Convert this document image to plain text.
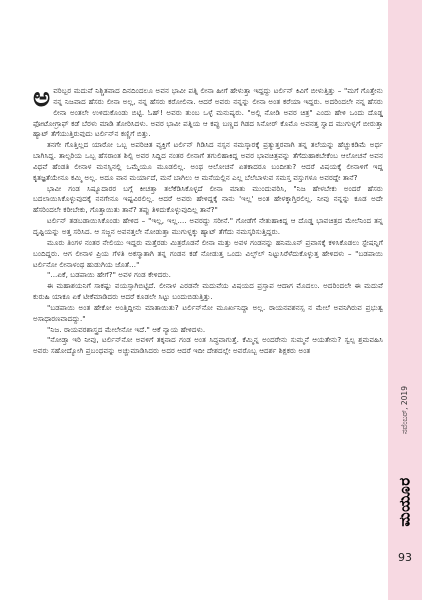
ನವೆಂಬರ್‌, 2019
ಮಯೂರ
93

ಅವರಿಬ್ಬರ ಮದುವೆ ನಿಶ್ಚಿತವಾದ ದಿನದಿಂದಲೂ ಅವನ ಭಾವೀ ಪತ್ನಿ ಲೀನಾ ಹೀಗೆ ಹೇಳುತ್ತಾ ಇದ್ದದ್ದು ಟರ್ಲಿನ್‌ ಕಿವಿಗೆ ಬೀಳುತ್ತಿತ್ತು – "ಮಗೆ ಗೊತ್ತೇನು ನನ್ನ ನಿಜವಾದ ಹೆಸರು ಲೀನಾ ಅಲ್ಲ, ನನ್ನ ಹೆಸರು ಕರೋಲಿನಾ. ಆದರೆ ಅವರು ನನ್ನನ್ನು ಲೀನಾ ಅಂತ ಕರೆಯಾ ಇದ್ದರು. ಅದರಿಂದಲೇ ನನ್ನ ಹೆಸರು ಲೀನಾ ಅಂತಲೇ ಉಳಿದುಕೊಂಡು ಬಿಟ್ಟಿ. ಓಹ್‌! ಅವರು ತುಂಬ ಒಳ್ಳೆ ಮನುಷ್ಯರು. "ಅಲ್ಲಿ ನೋಡಿ ಅವರ ಚಿತ್ರ" ಎಂದು ಹೇಳಿ ಒಂದು ದೊಡ್ಡ ಫೋಟೋಗ್ರಾಫ್‌ ಕಡೆ ಬೆರಳು ಮಾಡಿ ತೋರಿಸಿದಳು. ಅವರ ಭಾವೀ ಪತ್ನಿಯ ಆ ಕಪ್ಪು ಬಣ್ಣದ ಗಿಡದ ಸಿನೋರ್‌ ಕೊಮೊ ಅವನತ್ತ ಸ್ವಾದ ಮುಗುಳ್ನಗೆ ಬೀರುತ್ತಾ ಹ್ಯಾಟ್‌ ತೆಗೆಯುತ್ತಿರುವುದು ಟರ್ಲಿನ್‌ನ ಕಣ್ಣಿಗೆ ಬಿತ್ತು.

ತನಗೇ ಗೊತ್ತಿಲ್ಲದ ಯಾರೋ ಒಬ್ಬ ಅಪರಿಚಿತ ವ್ಯಕ್ತಿಗೆ ಟರ್ಲಿನ್‌ ಗಿಡಿಸಿದ ನಸ್ಸನ ನಮಸ್ಕಾರಕ್ಕೆ ಪ್ರತ್ಯುತ್ತರವಾಗಿ ತನ್ನ ತಲೆಯನ್ನು ಹೆಚ್ಚುಕಡಿಮೆ ಅರ್ಧ ಬಾಗಿಸಿದ್ದ. ತಾಲ್ಪರಿಯ ಒಬ್ಬ ಹೆಸರಾಂತ ಶಿಲ್ಪಿ ಅವರ ಸಿದ್ದಿದ ನಂತರ ಲೀನಾಗೆ ತಗುಲಿಹಾಕಿದ್ದ ಅವರ ಭಾವಚಿತ್ರವನ್ನು ತೆಗೆದುಹಾಕಬೇಕೆಂಬ ಆಲೋಚನೆ ಅವನ ವಿಧವೆ ಹೆಂಡತಿ ಲೀನಾಳ ಮನಸ್ಸಿನಲ್ಲಿ ಒಮ್ಮೆಯೂ ಮೂಡಲಿಲ್ಲ. ಅಂಥ ಆಲೋಚನೆ ಏತಕಾದರೂ ಬಂದೀತು? ಆದರೆ ವಿಷಯಕ್ಕೆ ಲೀನಾಳಿಗೆ ಇದ್ದ ಕೃತಜ್ಞತೆಯೇನೂ ಕಮ್ಮಿ ಅಲ್ಲ. ಅದೂ ವಾನ ಮರ್ಯಾದೆ, ಮನೆ ಬಾಗಿಲು ಆ ಮನೆಯಲ್ಲಿನ ಎಲ್ಲ ಬೆಲೆಬಾಳುವ ಸಮಸ್ತ ವಸ್ತುಗಳೂ ಅವರದ್ದೇ ತಾನೆ?

ಭಾವೀ ಗಂಡ ಸಿಷ್ಯೂದಾರರ ಬಗ್ಗೆ ಕೀಚತ್ತಾ ತಲೆಕೆಡಿಸಿಕೊಳ್ಳದೆ ಲೀನಾ ಮಾತು ಮುಂದುವರಿಸಿ, "ನಿಜ ಹೇಳಬೇಕು ಅಂದರೆ ಹೆಸರು ಬದಲಾಯಿಸಿಕೊಳ್ಳುವುದಕ್ಕೆ ನನಗೇನೂ ಇಷ್ಟವಿರಲಿಲ್ಲ. ಆದರೆ ಅವರು ಹೇಳಿದ್ದಕ್ಕೆ ನಾನು 'ಇಲ್ಲ' ಅಂತ ಹೇಳಕ್ಕಾಗ್ತಿರಲಿಲ್ಲ. ನೀವು ನನ್ನನ್ನು ಕೂಡ ಅದೇ ಹೆಸರಿಂದಲೇ ಕರೀಬೇಕು, ಗೊತ್ತಾಯಿತು ತಾನೆ? ತಪ್ಪು ತಿಳಿದುಕೊಳ್ಳುವುದಿಲ್ಲ ತಾನೆ?"

ಟರ್ಲಿನ್‌ ತಡಬಡಾಯಿಸಿಕೊಂಡು ಹೇಳಿದ – "ಇಲ್ಲ, ಇಲ್ಲ.... ಅವರದ್ದು ಸರೀನೆ." ಗೋಡೆಗೆ ನೇತುಹಾಕಿದ್ದ ಆ ದೊಡ್ಡ ಭಾವಚಿತ್ರದ ಮೇಲೆನಿಂದ ತನ್ನ ದೃಷ್ಟಿಯನ್ನು ಅತ್ತ ಸರಿಸಿದ. ಆ ಸಜ್ಜನ ಅವನತ್ತಲೇ ನೋಡುತ್ತಾ ಮುಗುಳ್ನಕ್ಕು ಹ್ಯಾಟ್‌ ತೆಗೆದು ನಮಸ್ಕರಿಸುತ್ತಿದ್ದರು.

ಮೂರು ತಿಂಗಳ ನಂತರ ನೇಲಿಯು ಇದ್ದರು ಮತ್ತೆರಡು ಮಿತ್ರರೊಡನೆ ಲೀನಾ ಮತ್ತು ಅವಳ ಗಂಡನನ್ನು ಹನಿಮೂನ್‌ ಪ್ರವಾಸಕ್ಕೆ ಕಳಿಸಿಕೊಡಲು ಸ್ಟೇಷನ್ನಿಗೆ ಬಂದಿದ್ದರು. ಆಗ ಲೀನಾಳ ಪ್ರಿಯ ಗೆಳತಿ ಅಕಸ್ಮಾತಾಗಿ ತನ್ನ ಗಂಡನ ಕಡೆ ನೋಡುತ್ತ ಒಂದು ವಿಲ್ಫ್‌ಲ್‌ ನಿಟ್ಟುಸಿರೆಳೆದುಕೊಳ್ಳುತ್ತ ಹೇಳಿದಳು – "ಬಡಪಾಯಿ ಟರ್ಲಿನೋ ಲೀನಾಳಂಥ ಹುಡುಗಿಯ ಜೊತೆ..."

"...ಏಕೆ, ಬಡಪಾಯಿ ಹೇಗೆ?" ಅವಳ ಗಂಡ ಕೇಳಿದರು.

ಈ ಮಹಾಶಯನಿಗೆ ಸಾಕಷ್ಟು ವಯಸ್ಸಾಗಿಬಿಟ್ಟಿದೆ. ಲೀನಾಳ ಎರಡನೇ ಮದುವೆಯ ವಿಷಯದ ಪ್ರಸ್ತಾಪ ಆದಾಗ ಮೊದಲು. ಅದರಿಂದಲೇ ಈ ಮದುವೆ ಕುರುಹಿ ಯಾಕೂ ಏಕೆ ಟೀಕೆಮಾಡಿದರು ಆದರೆ ಕೂಡಲೇ ಸಿಟ್ಟು ಬಂದುಬಿಡುತ್ತಿತ್ತು.

"ಬಡಪಾಯಿ ಅಂತ ಹೇಕೋ ಅಂತ್ತಿದ್ದೀನು ಮಾತಾಯಿತು? ಟರ್ಲಿನ್‌ನೋ ಮೂರ್ಖನಿದ್ದಾ ಅಲ್ಲ. ರಾಯನವಶನಸ್ಸ ನ ಮೇಲೆ ಅವನಿಗಿರುವ ಪ್ರಭುತ್ವ ಅಸಾಧಾರಣವಾದದ್ದು."

"ನಿಜ. ರಾಯವರಶಾಸ್ತ್ರದ ಮೇಲೇನೋ ಇದೆ." ಆಕೆ ನ್ಯಾಯ ಹೇಳಿದಳು.

"ನೋಡ್ತಾ ಇರಿ ನೀವು, ಟರ್ಲಿನ್‌ನೋ ಅವಳಿಗೆ ತಕ್ಕನಾದ ಗಂಡ ಅಂತ ಸಿದ್ಧವಾಗುತ್ತೆ. ಕೆಮ್ಮಿನ್ನ ಅಂದರೇನು ಸುಮ್ಮನೆ ಆಯತೇನು? ಸ್ವಲ್ಪ ಶ್ರಮವಹಿಸಿ ಅವರು ಸಹೋದ್ಯೋಗಿ ಪ್ರಬಂಧವನ್ನು ಅಚ್ಚುಮಾಡಿಸಿದರು ಅದರ ಆದರೆ ಇದೀ ದೇಶದಲ್ಲೇ ಅವರೊಬ್ಬ ಆದರ್ಶ ಶಿಕ್ಷಕರು ಅಂತ
